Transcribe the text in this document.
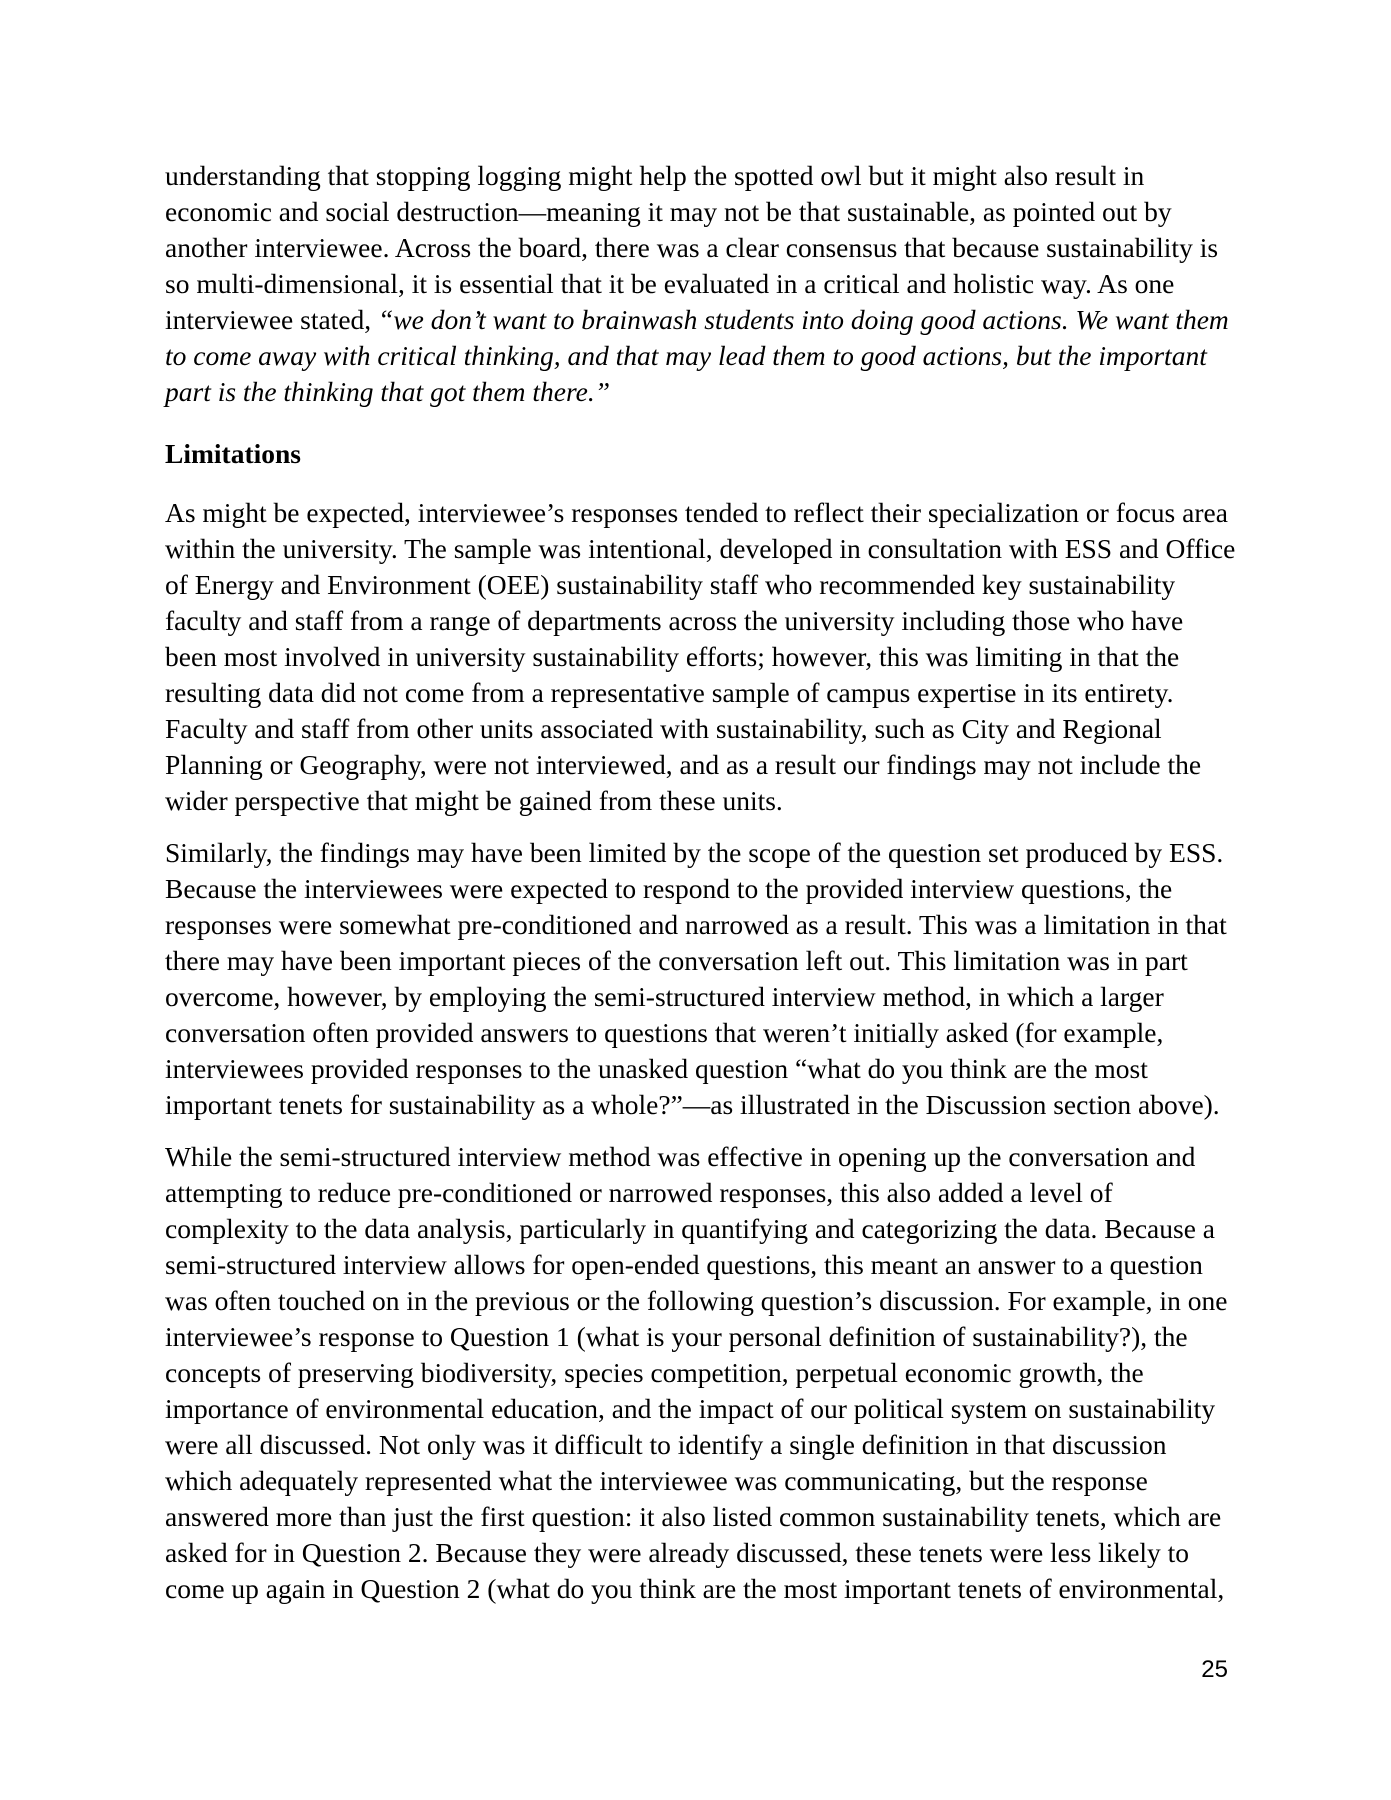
understanding that stopping logging might help the spotted owl but it might also result in economic and social destruction—meaning it may not be that sustainable, as pointed out by another interviewee. Across the board, there was a clear consensus that because sustainability is so multi-dimensional, it is essential that it be evaluated in a critical and holistic way. As one interviewee stated, “we don’t want to brainwash students into doing good actions. We want them to come away with critical thinking, and that may lead them to good actions, but the important part is the thinking that got them there.”

Limitations

As might be expected, interviewee’s responses tended to reflect their specialization or focus area within the university. The sample was intentional, developed in consultation with ESS and Office of Energy and Environment (OEE) sustainability staff who recommended key sustainability faculty and staff from a range of departments across the university including those who have been most involved in university sustainability efforts; however, this was limiting in that the resulting data did not come from a representative sample of campus expertise in its entirety. Faculty and staff from other units associated with sustainability, such as City and Regional Planning or Geography, were not interviewed, and as a result our findings may not include the wider perspective that might be gained from these units.

Similarly, the findings may have been limited by the scope of the question set produced by ESS. Because the interviewees were expected to respond to the provided interview questions, the responses were somewhat pre-conditioned and narrowed as a result. This was a limitation in that there may have been important pieces of the conversation left out. This limitation was in part overcome, however, by employing the semi-structured interview method, in which a larger conversation often provided answers to questions that weren’t initially asked (for example, interviewees provided responses to the unasked question “what do you think are the most important tenets for sustainability as a whole?”—as illustrated in the Discussion section above).

While the semi-structured interview method was effective in opening up the conversation and attempting to reduce pre-conditioned or narrowed responses, this also added a level of complexity to the data analysis, particularly in quantifying and categorizing the data. Because a semi-structured interview allows for open-ended questions, this meant an answer to a question was often touched on in the previous or the following question’s discussion. For example, in one interviewee’s response to Question 1 (what is your personal definition of sustainability?), the concepts of preserving biodiversity, species competition, perpetual economic growth, the importance of environmental education, and the impact of our political system on sustainability were all discussed. Not only was it difficult to identify a single definition in that discussion which adequately represented what the interviewee was communicating, but the response answered more than just the first question: it also listed common sustainability tenets, which are asked for in Question 2. Because they were already discussed, these tenets were less likely to come up again in Question 2 (what do you think are the most important tenets of environmental,

25
